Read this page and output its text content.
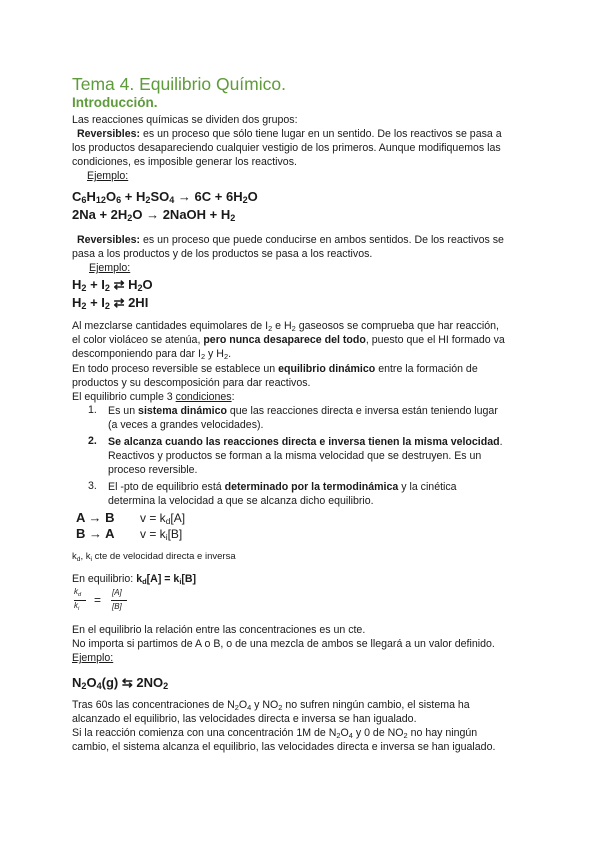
Tema 4. Equilibrio Químico.
Introducción.
Las reacciones químicas se dividen dos grupos:
Reversibles: es un proceso que sólo tiene lugar en un sentido. De los reactivos se pasa a
los productos desapareciendo cualquier vestigio de los primeros. Aunque modifiquemos las
condiciones, es imposible generar los reactivos.
Ejemplo:
$C_6H_{12}O_6 + H_2SO_4 \to 6C + 6H_2O$
$2Na + 2H_2O$ → 2NaOH + $H_2$
Reversibles: es un proceso que puede conducirse en ambos sentidos. De los reactivos se
pasa a los productos y de los productos se pasa a los reactivos.
Ejemplo:
$H_2 + I_2$ ⇄ $H_2O$
$H_2 + I_2$ ⇄ 2HI
Al mezclarse cantidades equimolares de $I_2$ e $H_2$ gaseosos se comprueba que har reacción,
el color violáceo se atenúa, pero nunca desaparece del todo, puesto que el HI formado va
descomponiendo para dar $I_2$ y $H_2$.
En todo proceso reversible se establece un equilibrio dinámico entre la formación de
productos y su descomposición para dar reactivos.
El equilibrio cumple 3 condiciones:
1. Es un sistema dinámico que las reacciones directa e inversa están teniendo lugar
(a veces a grandes velocidades).
2. Se alcanza cuando las reacciones directa e inversa tienen la misma velocidad.
Reactivos y productos se forman a la misma velocidad que se destruyen. Es un
proceso reversible.
3. El -pto de equilibrio está determinado por la termodinámica y la cinética
determina la velocidad a que se alcanza dicho equilibrio.
A → B $v = k_d[A]$
B → A $v = k_i[B]$
$k_d$, $k_i$ cte de velocidad directa e inversa
En equilibrio: $k_d[A] = k_i[B]$
$k_d$
$k_i$
=
[A]
[B]
En el equilibrio la relación entre las concentraciones es un cte.
No importa si partimos de A o B, o de una mezcla de ambos se llegará a un valor definido.
Ejemplo:
$N_2O_4(g)$ ⇆ $2NO_2$
Tras 60s las concentraciones de $N_2O_4$ y $NO_2$ no sufren ningún cambio, el sistema ha
alcanzado el equilibrio, las velocidades directa e inversa se han igualado.
Si la reacción comienza con una concentración 1M de $N_2O_4$ y 0 de $NO_2$ no hay ningún
cambio, el sistema alcanza el equilibrio, las velocidades directa e inversa se han igualado.
